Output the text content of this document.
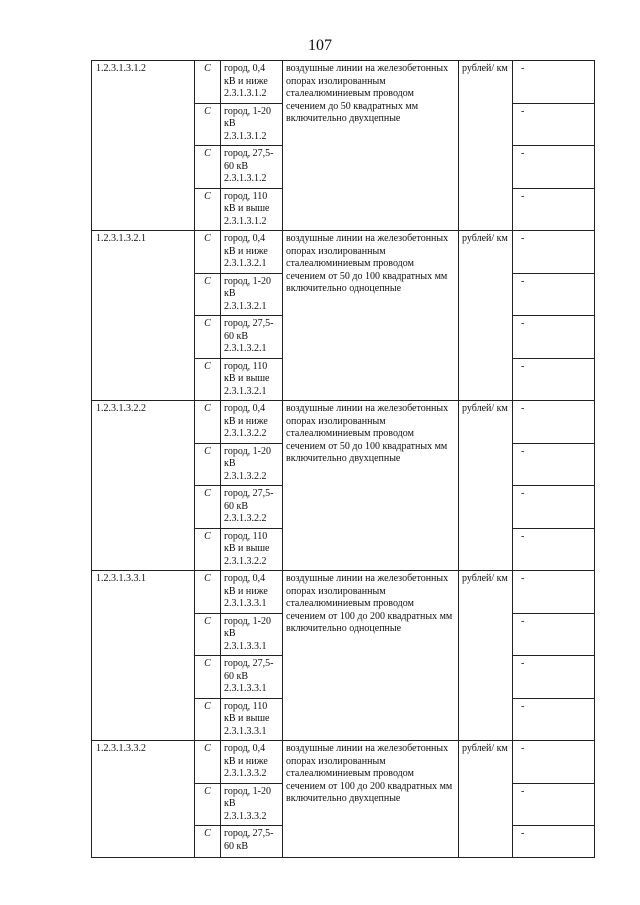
107
1.2.3.1.3.1.2	С	город, 0,4 кВ и ниже 2.3.1.3.1.2	воздушные линии на железобетонных опорах изолированным сталеалюминиевым проводом сечением до 50 квадратных мм включительно двухцепные	рублей/ км	-
	С	город, 1-20 кВ 2.3.1.3.1.2			-
	С	город, 27,5-60 кВ 2.3.1.3.1.2			-
	С	город, 110 кВ и выше 2.3.1.3.1.2			-
1.2.3.1.3.2.1	С	город, 0,4 кВ и ниже 2.3.1.3.2.1	воздушные линии на железобетонных опорах изолированным сталеалюминиевым проводом сечением от 50 до 100 квадратных мм включительно одноцепные	рублей/ км	-
	С	город, 1-20 кВ 2.3.1.3.2.1			-
	С	город, 27,5-60 кВ 2.3.1.3.2.1			-
	С	город, 110 кВ и выше 2.3.1.3.2.1			-
1.2.3.1.3.2.2	С	город, 0,4 кВ и ниже 2.3.1.3.2.2	воздушные линии на железобетонных опорах изолированным сталеалюминиевым проводом сечением от 50 до 100 квадратных мм включительно двухцепные	рублей/ км	-
	С	город, 1-20 кВ 2.3.1.3.2.2			-
	С	город, 27,5-60 кВ 2.3.1.3.2.2			-
	С	город, 110 кВ и выше 2.3.1.3.2.2			-
1.2.3.1.3.3.1	С	город, 0,4 кВ и ниже 2.3.1.3.3.1	воздушные линии на железобетонных опорах изолированным сталеалюминиевым проводом сечением от 100 до 200 квадратных мм включительно одноцепные	рублей/ км	-
	С	город, 1-20 кВ 2.3.1.3.3.1			-
	С	город, 27,5-60 кВ 2.3.1.3.3.1			-
	С	город, 110 кВ и выше 2.3.1.3.3.1			-
1.2.3.1.3.3.2	С	город, 0,4 кВ и ниже 2.3.1.3.3.2	воздушные линии на железобетонных опорах изолированным сталеалюминиевым проводом сечением от 100 до 200 квадратных мм включительно двухцепные	рублей/ км	-
	С	город, 1-20 кВ 2.3.1.3.3.2			-
	С	город, 27,5-60 кВ			-
